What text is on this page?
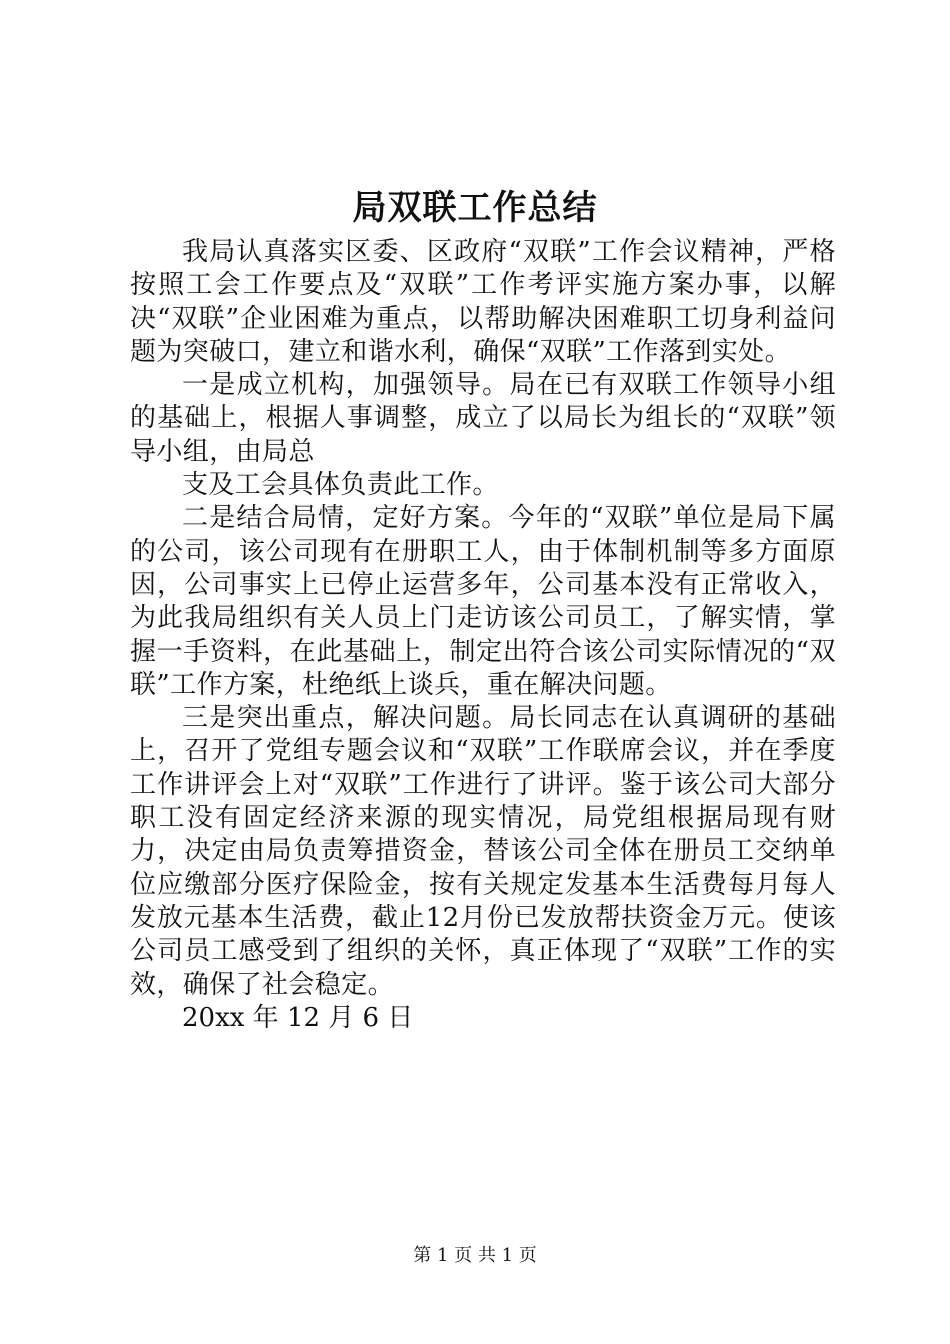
局双联工作总结

我局认真落实区委、区政府“双联”工作会议精神，严格按照工会工作要点及“双联”工作考评实施方案办事，以解决“双联”企业困难为重点，以帮助解决困难职工切身利益问题为突破口，建立和谐水利，确保“双联”工作落到实处。

一是成立机构，加强领导。局在已有双联工作领导小组的基础上，根据人事调整，成立了以局长为组长的“双联”领导小组，由局总

支及工会具体负责此工作。

二是结合局情，定好方案。今年的“双联”单位是局下属的公司，该公司现有在册职工人，由于体制机制等多方面原因，公司事实上已停止运营多年，公司基本没有正常收入，为此我局组织有关人员上门走访该公司员工，了解实情，掌握一手资料，在此基础上，制定出符合该公司实际情况的“双联”工作方案，杜绝纸上谈兵，重在解决问题。

三是突出重点，解决问题。局长同志在认真调研的基础上，召开了党组专题会议和“双联”工作联席会议，并在季度工作讲评会上对“双联”工作进行了讲评。鉴于该公司大部分职工没有固定经济来源的现实情况，局党组根据局现有财力，决定由局负责筹措资金，替该公司全体在册员工交纳单位应缴部分医疗保险金，按有关规定发基本生活费每月每人发放元基本生活费，截止12月份已发放帮扶资金万元。使该公司员工感受到了组织的关怀，真正体现了“双联”工作的实效，确保了社会稳定。

20xx 年 12 月 6 日

第 1 页 共 1 页
